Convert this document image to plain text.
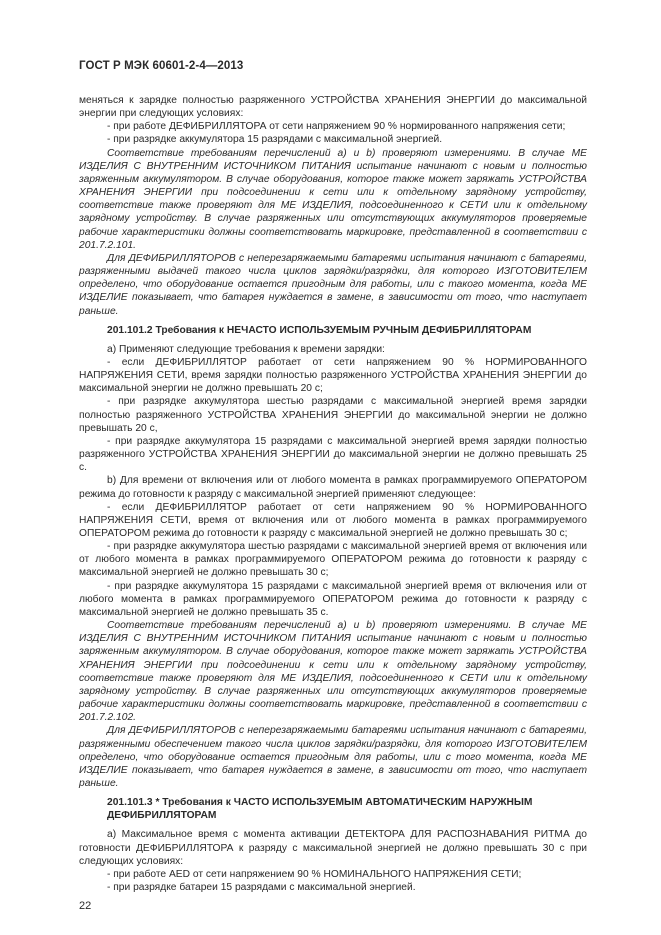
ГОСТ Р МЭК 60601-2-4—2013

меняться к зарядке полностью разряженного УСТРОЙСТВА ХРАНЕНИЯ ЭНЕРГИИ до максимальной энергии при следующих условиях:

- при работе ДЕФИБРИЛЛЯТОРА от сети напряжением 90 % нормированного напряжения сети;

- при разрядке аккумулятора 15 разрядами с максимальной энергией.

Соответствие требованиям перечислений a) и b) проверяют измерениями. В случае МЕ ИЗДЕЛИЯ С ВНУТРЕННИМ ИСТОЧНИКОМ ПИТАНИЯ испытание начинают с новым и полностью заряженным аккумулятором. В случае оборудования, которое также может заряжать УСТРОЙСТВА ХРАНЕНИЯ ЭНЕРГИИ при подсоединении к сети или к отдельному зарядному устройству, соответствие также проверяют для МЕ ИЗДЕЛИЯ, подсоединенного к СЕТИ или к отдельному зарядному устройству. В случае разряженных или отсутствующих аккумуляторов проверяемые рабочие характеристики должны соответствовать маркировке, представленной в соответствии с 201.7.2.101.

Для ДЕФИБРИЛЛЯТОРОВ с неперезаряжаемыми батареями испытания начинают с батареями, разряженными выдачей такого числа циклов зарядки/разрядки, для которого ИЗГОТОВИТЕЛЕМ определено, что оборудование остается пригодным для работы, или с такого момента, когда МЕ ИЗДЕЛИЕ показывает, что батарея нуждается в замене, в зависимости от того, что наступает раньше.

201.101.2 Требования к НЕЧАСТО ИСПОЛЬЗУЕМЫМ РУЧНЫМ ДЕФИБРИЛЛЯТОРАМ

a) Применяют следующие требования к времени зарядки:

- если ДЕФИБРИЛЛЯТОР работает от сети напряжением 90 % НОРМИРОВАННОГО НАПРЯЖЕНИЯ СЕТИ, время зарядки полностью разряженного УСТРОЙСТВА ХРАНЕНИЯ ЭНЕРГИИ до максимальной энергии не должно превышать 20 с;

- при разрядке аккумулятора шестью разрядами с максимальной энергией время зарядки полностью разряженного УСТРОЙСТВА ХРАНЕНИЯ ЭНЕРГИИ до максимальной энергии не должно превышать 20 с,

- при разрядке аккумулятора 15 разрядами с максимальной энергией время зарядки полностью разряженного УСТРОЙСТВА ХРАНЕНИЯ ЭНЕРГИИ до максимальной энергии не должно превышать 25 с.

b) Для времени от включения или от любого момента в рамках программируемого ОПЕРАТОРОМ режима до готовности к разряду с максимальной энергией применяют следующее:

- если ДЕФИБРИЛЛЯТОР работает от сети напряжением 90 % НОРМИРОВАННОГО НАПРЯЖЕНИЯ СЕТИ, время от включения или от любого момента в рамках программируемого ОПЕРАТОРОМ режима до готовности к разряду с максимальной энергией не должно превышать 30 с;

- при разрядке аккумулятора шестью разрядами с максимальной энергией время от включения или от любого момента в рамках программируемого ОПЕРАТОРОМ режима до готовности к разряду с максимальной энергией не должно превышать 30 с;

- при разрядке аккумулятора 15 разрядами с максимальной энергией время от включения или от любого момента в рамках программируемого ОПЕРАТОРОМ режима до готовности к разряду с максимальной энергией не должно превышать 35 с.

Соответствие требованиям перечислений a) и b) проверяют измерениями. В случае МЕ ИЗДЕЛИЯ С ВНУТРЕННИМ ИСТОЧНИКОМ ПИТАНИЯ испытание начинают с новым и полностью заряженным аккумулятором. В случае оборудования, которое также может заряжать УСТРОЙСТВА ХРАНЕНИЯ ЭНЕРГИИ при подсоединении к сети или к отдельному зарядному устройству, соответствие также проверяют для МЕ ИЗДЕЛИЯ, подсоединенного к СЕТИ или к отдельному зарядному устройству. В случае разряженных или отсутствующих аккумуляторов проверяемые рабочие характеристики должны соответствовать маркировке, представленной в соответствии с 201.7.2.102.

Для ДЕФИБРИЛЛЯТОРОВ с неперезаряжаемыми батареями испытания начинают с батареями, разряженными обеспечением такого числа циклов зарядки/разрядки, для которого ИЗГОТОВИТЕЛЕМ определено, что оборудование остается пригодным для работы, или с того момента, когда МЕ ИЗДЕЛИЕ показывает, что батарея нуждается в замене, в зависимости от того, что наступает раньше.

201.101.3 * Требования к ЧАСТО ИСПОЛЬЗУЕМЫМ АВТОМАТИЧЕСКИМ НАРУЖНЫМ ДЕФИБРИЛЛЯТОРАМ

a) Максимальное время с момента активации ДЕТЕКТОРА ДЛЯ РАСПОЗНАВАНИЯ РИТМА до готовности ДЕФИБРИЛЛЯТОРА к разряду с максимальной энергией не должно превышать 30 с при следующих условиях:

- при работе AED от сети напряжением 90 % НОМИНАЛЬНОГО НАПРЯЖЕНИЯ СЕТИ;

- при разрядке батареи 15 разрядами с максимальной энергией.

22
